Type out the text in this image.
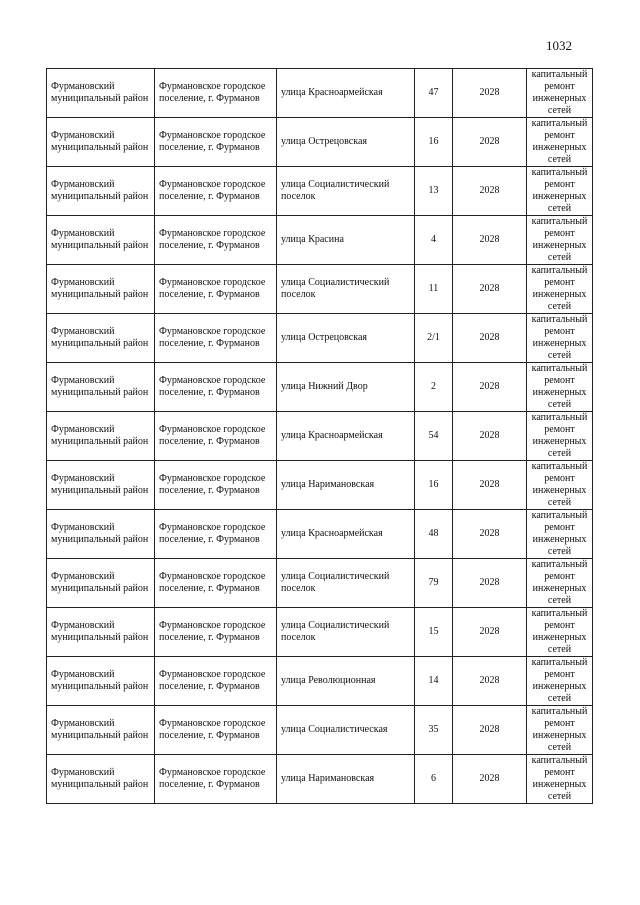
1032
Фурмановский муниципальный район	Фурмановское городское поселение, г. Фурманов	улица Красноармейская	47	2028	капитальный ремонт инженерных сетей
Фурмановский муниципальный район	Фурмановское городское поселение, г. Фурманов	улица Острецовская	16	2028	капитальный ремонт инженерных сетей
Фурмановский муниципальный район	Фурмановское городское поселение, г. Фурманов	улица Социалистический поселок	13	2028	капитальный ремонт инженерных сетей
Фурмановский муниципальный район	Фурмановское городское поселение, г. Фурманов	улица Красина	4	2028	капитальный ремонт инженерных сетей
Фурмановский муниципальный район	Фурмановское городское поселение, г. Фурманов	улица Социалистический поселок	11	2028	капитальный ремонт инженерных сетей
Фурмановский муниципальный район	Фурмановское городское поселение, г. Фурманов	улица Острецовская	2/1	2028	капитальный ремонт инженерных сетей
Фурмановский муниципальный район	Фурмановское городское поселение, г. Фурманов	улица Нижний Двор	2	2028	капитальный ремонт инженерных сетей
Фурмановский муниципальный район	Фурмановское городское поселение, г. Фурманов	улица Красноармейская	54	2028	капитальный ремонт инженерных сетей
Фурмановский муниципальный район	Фурмановское городское поселение, г. Фурманов	улица Наримановская	16	2028	капитальный ремонт инженерных сетей
Фурмановский муниципальный район	Фурмановское городское поселение, г. Фурманов	улица Красноармейская	48	2028	капитальный ремонт инженерных сетей
Фурмановский муниципальный район	Фурмановское городское поселение, г. Фурманов	улица Социалистический поселок	79	2028	капитальный ремонт инженерных сетей
Фурмановский муниципальный район	Фурмановское городское поселение, г. Фурманов	улица Социалистический поселок	15	2028	капитальный ремонт инженерных сетей
Фурмановский муниципальный район	Фурмановское городское поселение, г. Фурманов	улица Революционная	14	2028	капитальный ремонт инженерных сетей
Фурмановский муниципальный район	Фурмановское городское поселение, г. Фурманов	улица Социалистическая	35	2028	капитальный ремонт инженерных сетей
Фурмановский муниципальный район	Фурмановское городское поселение, г. Фурманов	улица Наримановская	6	2028	капитальный ремонт инженерных сетей
